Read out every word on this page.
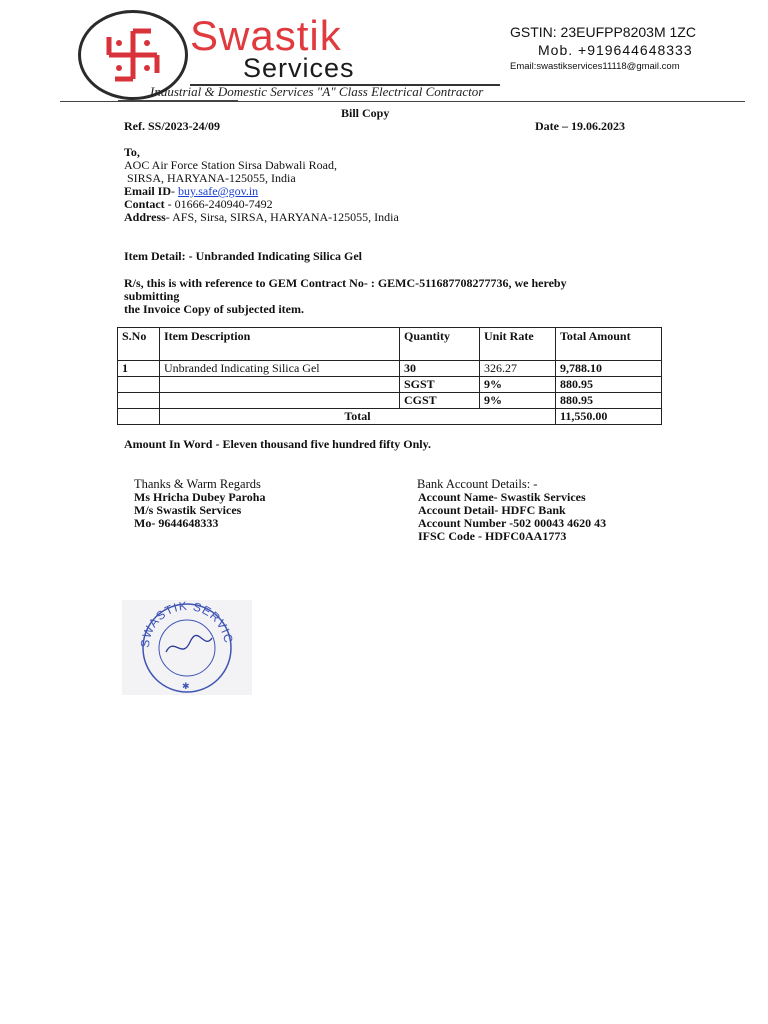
Swastik
Services
GSTIN: 23EUFPP8203M 1ZC
Mob. +919644648333
Email:swastikservices11118@gmail.com
Industrial & Domestic Services "A" Class Electrical Contractor
Bill Copy
Ref. SS/2023-24/09	Date – 19.06.2023
To,
AOC Air Force Station Sirsa Dabwali Road,
SIRSA, HARYANA-125055, India
Email ID- buy.safe@gov.in
Contact - 01666-240940-7492
Address- AFS, Sirsa, SIRSA, HARYANA-125055, India
Item Detail: - Unbranded Indicating Silica Gel
R/s, this is with reference to GEM Contract No- : GEMC-511687708277736, we hereby
submitting
the Invoice Copy of subjected item.
S.No	Item Description	Quantity	Unit Rate	Total Amount
1	Unbranded Indicating Silica Gel	30	326.27	9,788.10
		SGST	9%	880.95
		CGST	9%	880.95
	Total			11,550.00
Amount In Word - Eleven thousand five hundred fifty Only.
Thanks & Warm Regards
Ms Hricha Dubey Paroha
M/s Swastik Services
Mo- 9644648333
Bank Account Details: -
Account Name- Swastik Services
Account Detail- HDFC Bank
Account Number -502 00043 4620 43
IFSC Code - HDFC0AA1773
SWASTIK SERVIC
✱
